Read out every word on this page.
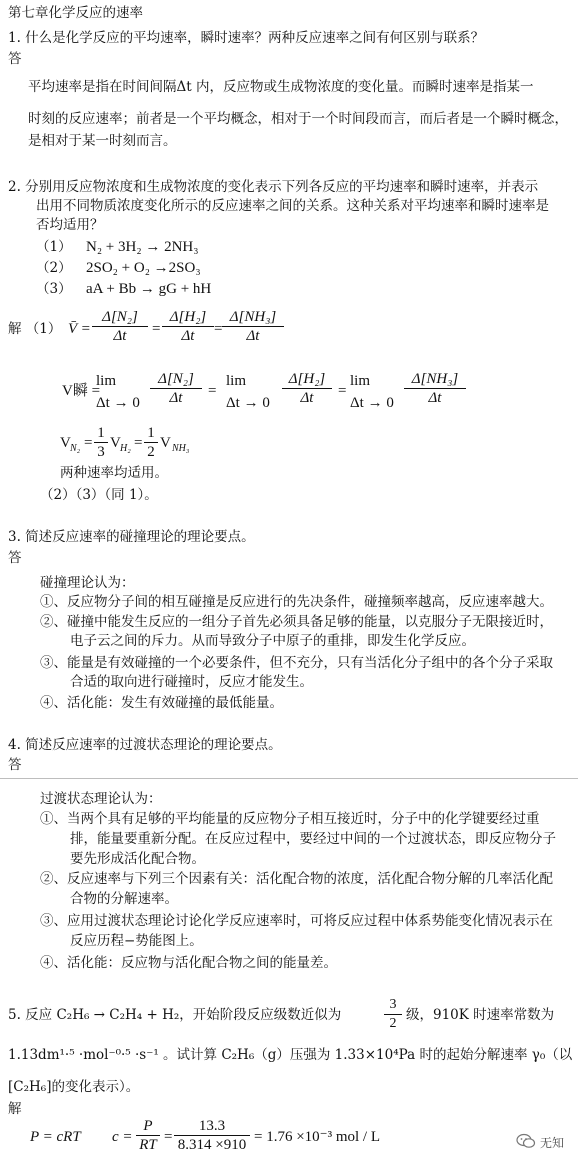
第七章化学反应的速率
1. 什么是化学反应的平均速率，瞬时速率？两种反应速率之间有何区别与联系？
答
平均速率是指在时间间隔Δt 内，反应物或生成物浓度的变化量。而瞬时速率是指某一
时刻的反应速率；前者是一个平均概念，相对于一个时间段而言，而后者是一个瞬时概念，
是相对于某一时刻而言。
2. 分别用反应物浓度和生成物浓度的变化表示下列各反应的平均速率和瞬时速率，并表示
出用不同物质浓度变化所示的反应速率之间的关系。这种关系对平均速率和瞬时速率是
否均适用？
（1） N₂ + 3H₂ → 2NH₃
（2） 2SO₂ + O₂ →2SO₃
（3） aA + Bb → gG + hH
解 （1） V̄ = $\frac{\text{Δ[N₂]}}{\Delta t} = \frac{\text{Δ[H₂]}}{\Delta t} = \frac{\text{Δ[NH₃]}}{\Delta t}$
V瞬 =
lim
$\Delta t \to 0 \frac{\text{Δ[N₂]}}{\Delta t}$ =
lim
$\Delta t \to 0 \frac{\text{Δ[H₂]}}{\Delta t}$ =
lim
$\Delta t \to 0 \frac{\text{Δ[NH₃]}}{\Delta t}$
V $N_2 = \frac{1}{3}$ V $H_2 = \frac{1}{2}$ V NH₃
两种速率均适用。
（2）（3）（同 1）。
3. 简述反应速率的碰撞理论的理论要点。
答
碰撞理论认为：
①、反应物分子间的相互碰撞是反应进行的先决条件，碰撞频率越高，反应速率越大。
②、碰撞中能发生反应的一组分子首先必须具备足够的能量，以克服分子无限接近时，
电子云之间的斥力。从而导致分子中原子的重排，即发生化学反应。
③、能量是有效碰撞的一个必要条件，但不充分，只有当活化分子组中的各个分子采取
合适的取向进行碰撞时，反应才能发生。
④、活化能：发生有效碰撞的最低能量。
4. 简述反应速率的过渡状态理论的理论要点。
答
过渡状态理论认为：
①、当两个具有足够的平均能量的反应物分子相互接近时，分子中的化学键要经过重
排，能量要重新分配。在反应过程中，要经过中间的一个过渡状态，即反应物分子
要先形成活化配合物。
②、反应速率与下列三个因素有关：活化配合物的浓度，活化配合物分解的几率活化配
合物的分解速率。
③、应用过渡状态理论讨论化学反应速率时，可将反应过程中体系势能变化情况表示在
反应历程−势能图上。
④、活化能：反应物与活化配合物之间的能量差。
5. 反应 C₂H₆ → C₂H₄ + H₂，开始阶段反应级数近似为	$\frac{3}{2}$ 级，910K 时速率常数为
1.13dm¹·⁵ ·mol⁻⁰·⁵ ·s⁻¹ 。试计算 C₂H₆（g）压强为 1.33×10⁴Pa 时的起始分解速率 γ₀（以
[C₂H₆]的变化表示）。
解
P = cRT $c = \frac{P}{RT} = \frac{13.3}{8.314 \times 910} = 1.76 \times 10^{-3}$ mol / L	无知
